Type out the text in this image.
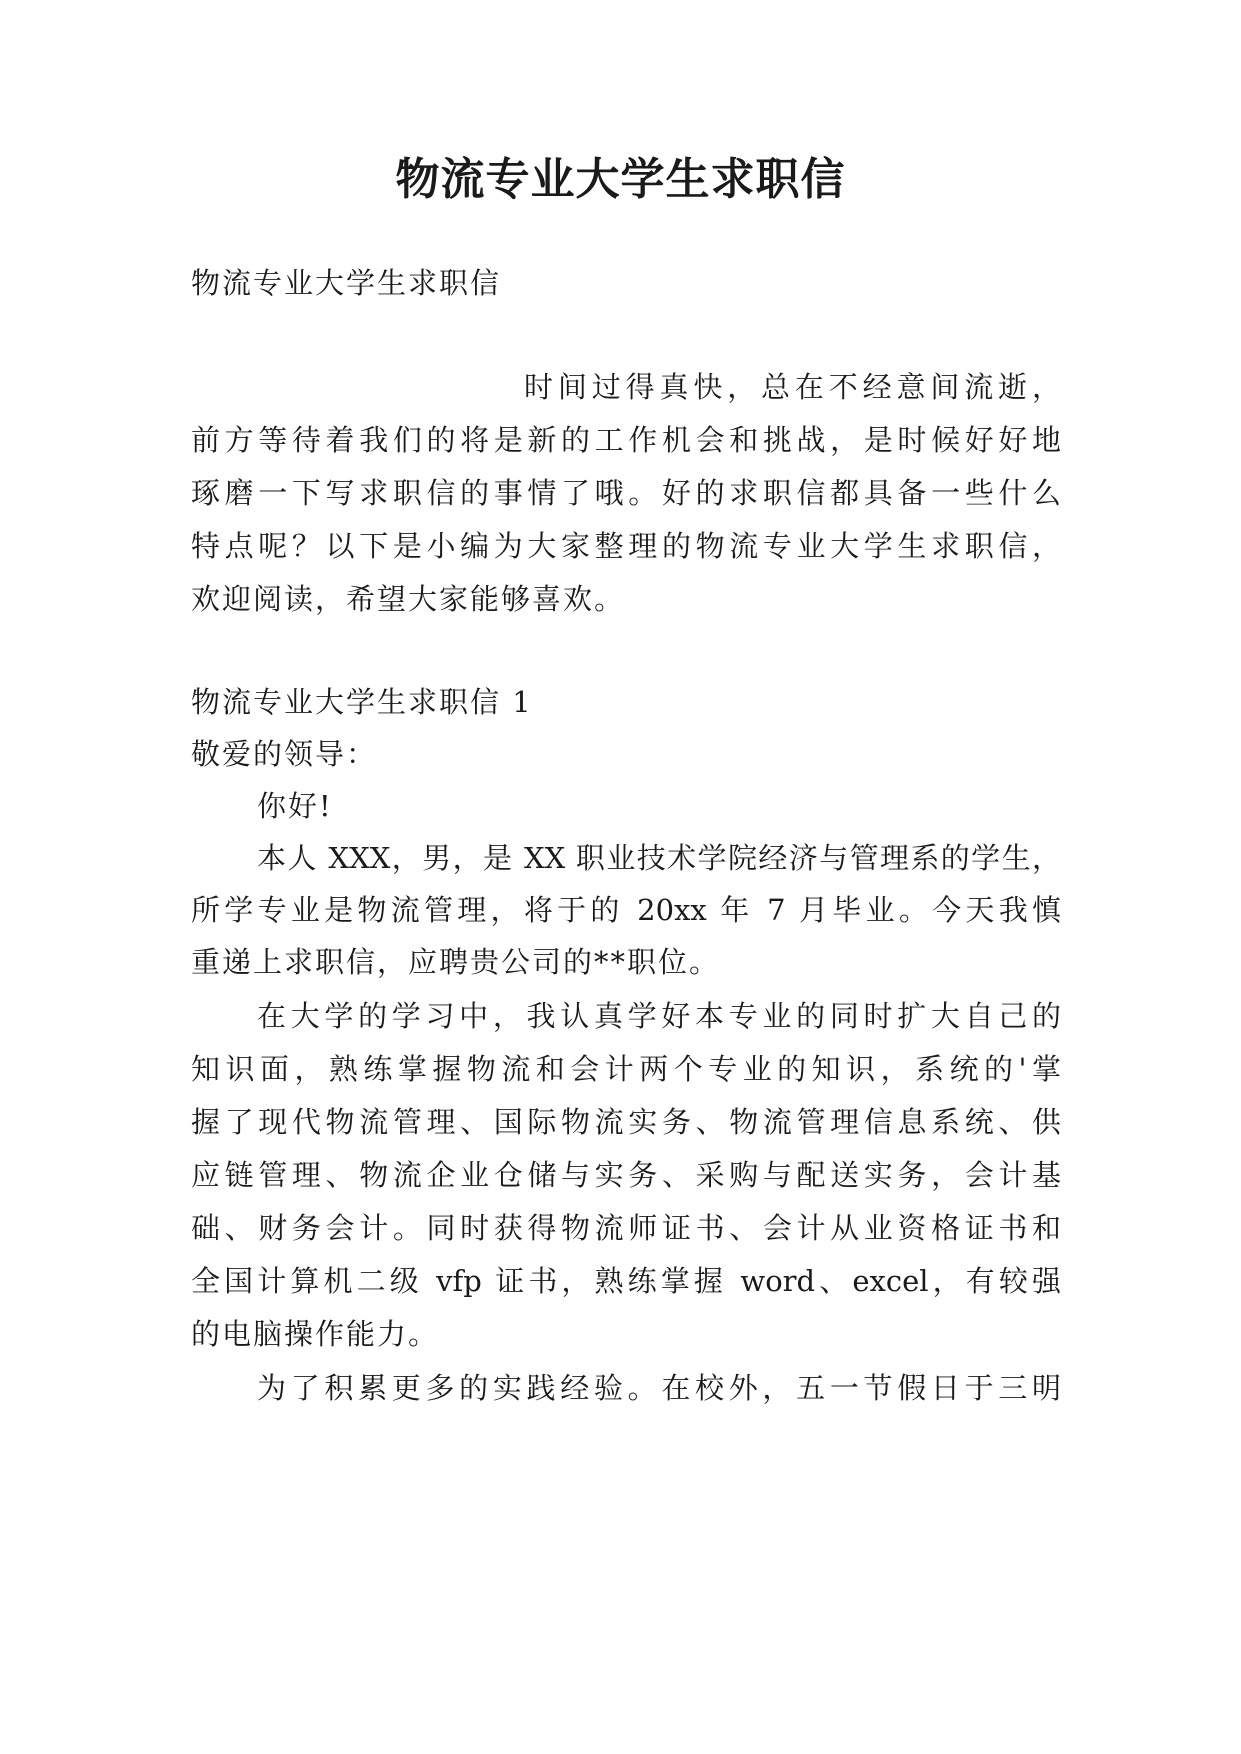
物流专业大学生求职信
物流专业大学生求职信
时间过得真快，总在不经意间流逝，
前方等待着我们的将是新的工作机会和挑战，是时候好好地
琢磨一下写求职信的事情了哦。好的求职信都具备一些什么
特点呢？以下是小编为大家整理的物流专业大学生求职信，
欢迎阅读，希望大家能够喜欢。
物流专业大学生求职信 1
敬爱的领导：
你好!
本人 XXX，男，是 XX 职业技术学院经济与管理系的学生，
所学专业是物流管理，将于的 20xx 年 7 月毕业。今天我慎
重递上求职信，应聘贵公司的**职位。
在大学的学习中，我认真学好本专业的同时扩大自己的
知识面，熟练掌握物流和会计两个专业的知识，系统的'掌
握了现代物流管理、国际物流实务、物流管理信息系统、供
应链管理、物流企业仓储与实务、采购与配送实务，会计基
础、财务会计。同时获得物流师证书、会计从业资格证书和
全国计算机二级 vfp 证书，熟练掌握 word、excel，有较强
的电脑操作能力。
为了积累更多的实践经验。在校外，五一节假日于三明
